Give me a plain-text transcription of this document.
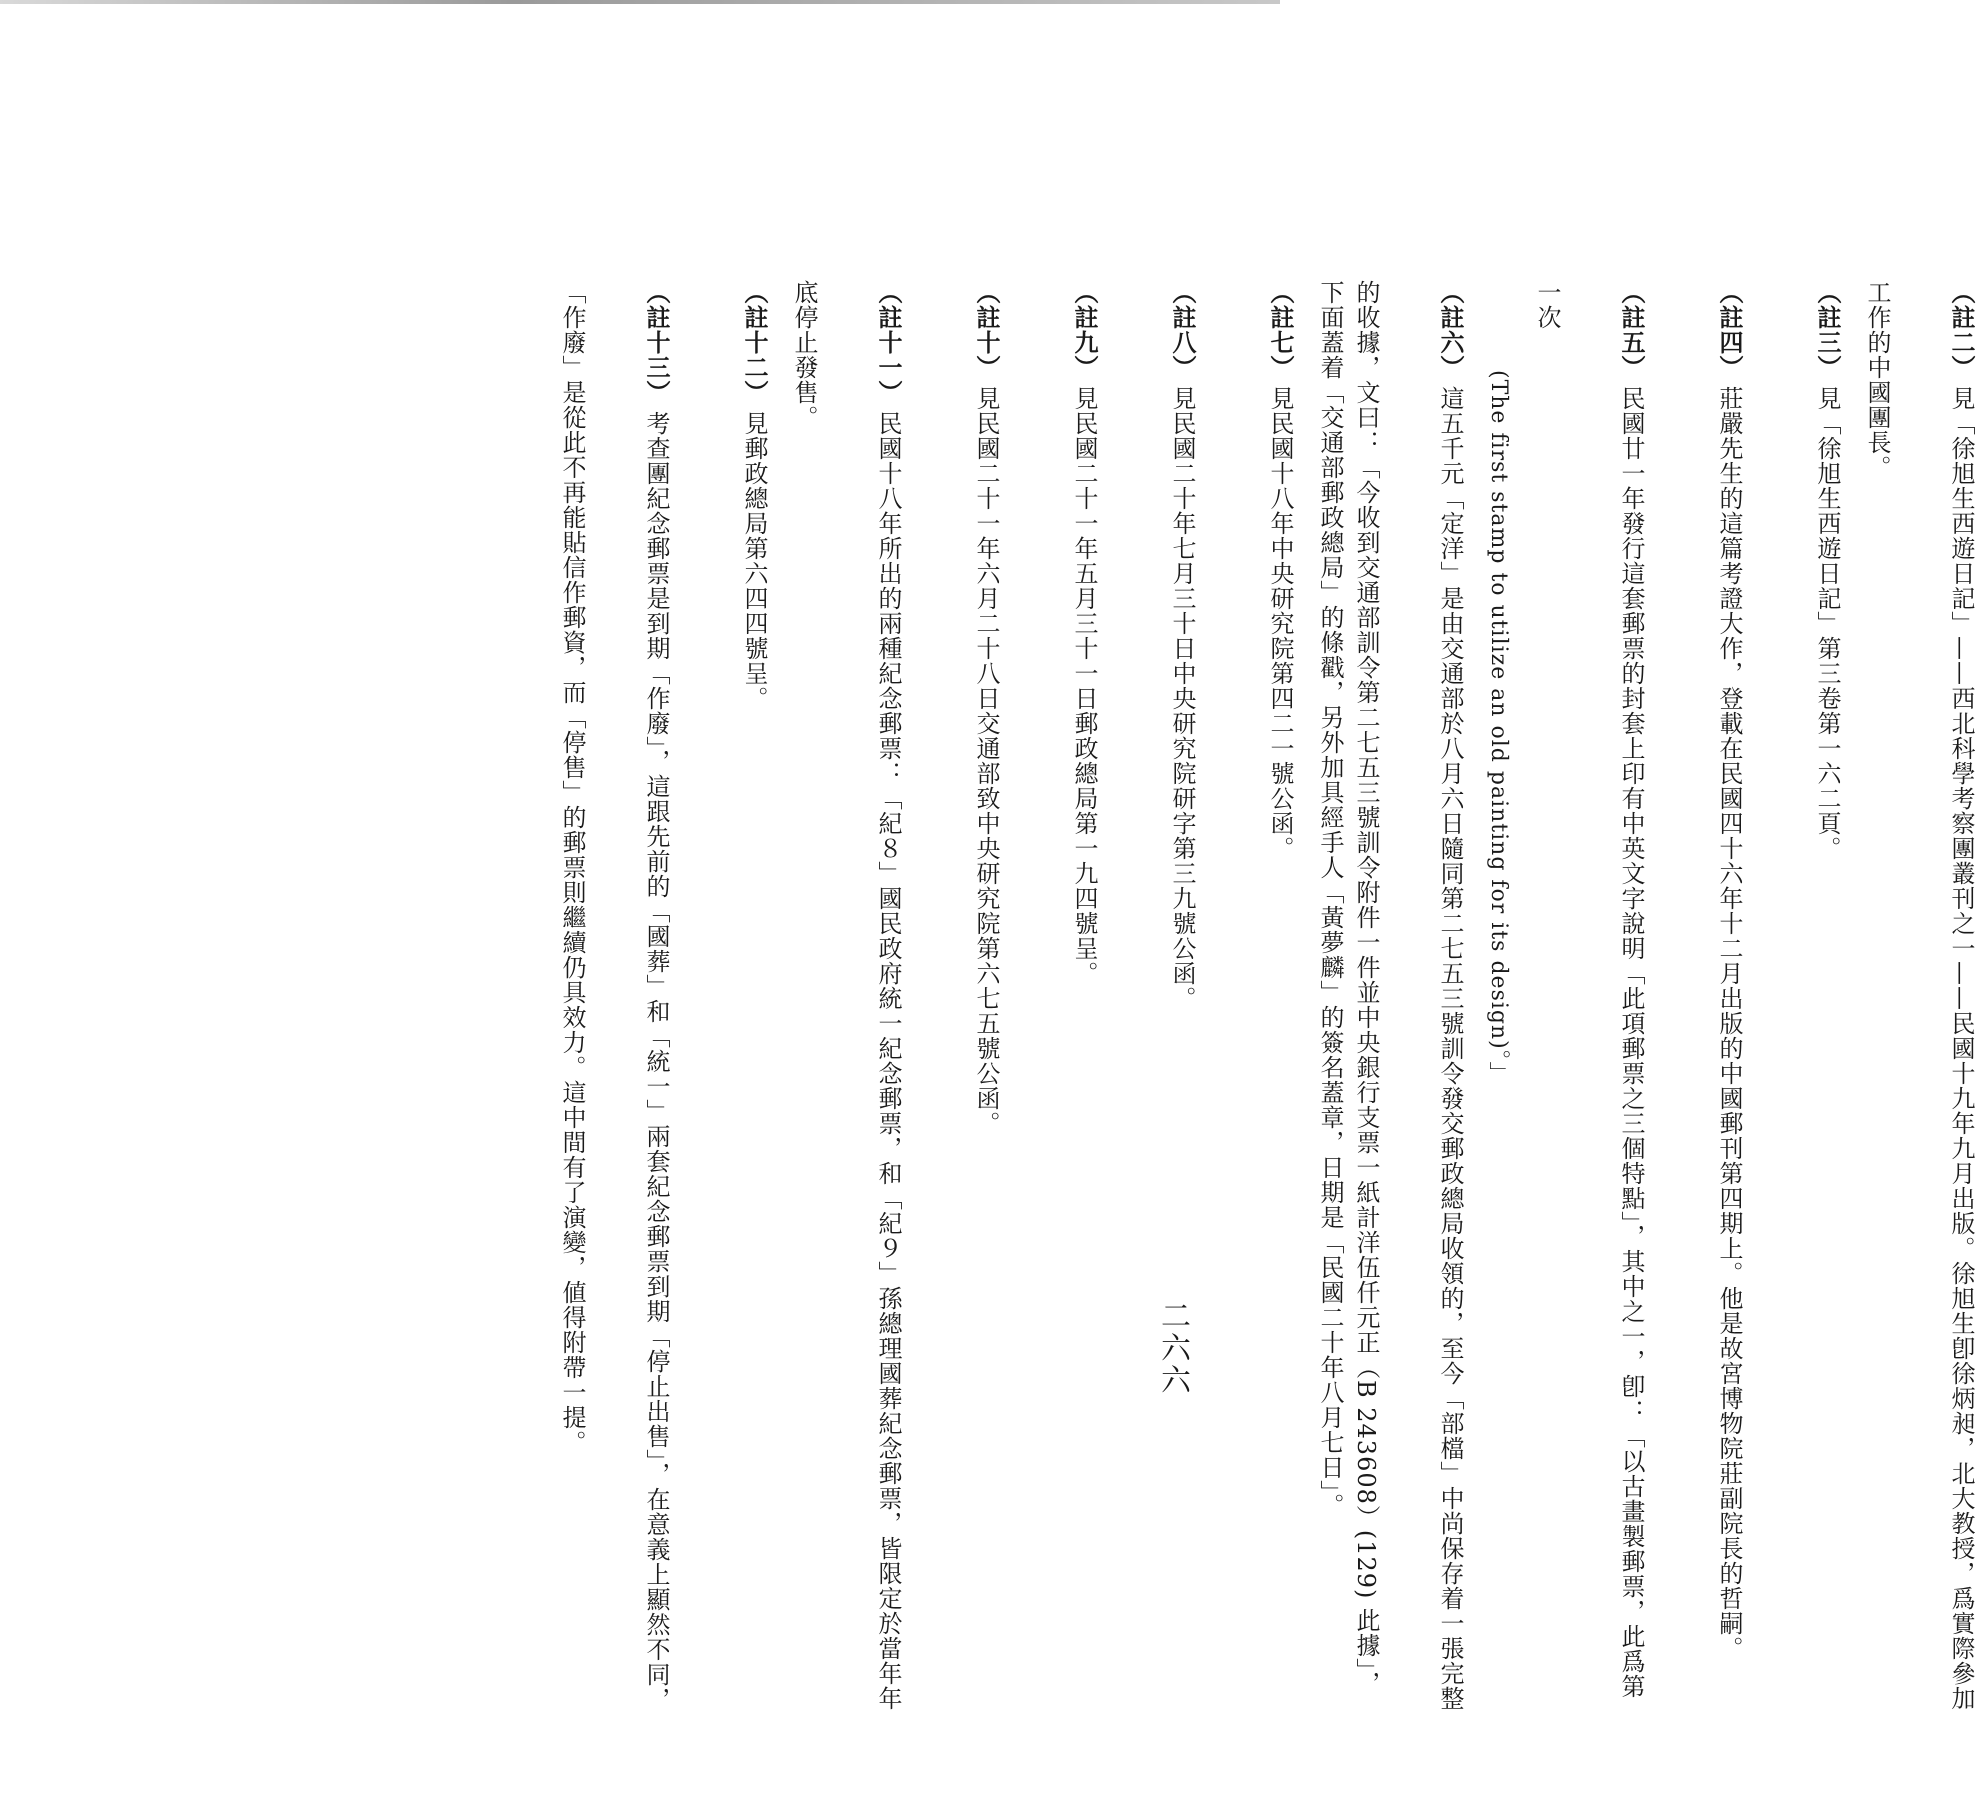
二六六
（註二）見「徐旭生西遊日記」——西北科學考察團叢刊之一——民國十九年九月出版。徐旭生卽徐炳昶，北大教授，爲實際參加工作的中國團長。
（註三）見「徐旭生西遊日記」第三卷第一六二頁。
（註四）莊嚴先生的這篇考證大作，登載在民國四十六年十二月出版的中國郵刊第四期上。他是故宮博物院莊副院長的哲嗣。
（註五）民國廿一年發行這套郵票的封套上印有中英文字說明「此項郵票之三個特點」，其中之一，卽：「以古畫製郵票，此爲第一次
(The first stamp to utilize an old painting for its design)。」
（註六）這五千元「定洋」是由交通部於八月六日隨同第二七五三號訓令發交郵政總局收領的，至今「部檔」中尚保存着一張完整的收據，文曰：「今收到交通部訓令第二七五三號訓令附件一件並中央銀行支票一紙計洋伍仟元正（B 243608）(129) 此據」，下面蓋着「交通部郵政總局」的條戳，另外加具經手人「黃夢麟」的簽名蓋章，日期是「民國二十年八月七日」。
（註七）見民國十八年中央研究院第四二一號公函。
（註八）見民國二十年七月三十日中央研究院研字第三九號公函。
（註九）見民國二十一年五月三十一日郵政總局第一九四號呈。
（註十）見民國二十一年六月二十八日交通部致中央研究院第六七五號公函。
（註十一）民國十八年所出的兩種紀念郵票：「紀８」國民政府統一紀念郵票，和「紀９」孫總理國葬紀念郵票，皆限定於當年年底停止發售。
（註十二）見郵政總局第六四四號呈。
（註十三）考查團紀念郵票是到期「作廢」，這跟先前的「國葬」和「統一」兩套紀念郵票到期「停止出售」，在意義上顯然不同，「作廢」是從此不再能貼信作郵資，而「停售」的郵票則繼續仍具效力。這中間有了演變，値得附帶一提。
